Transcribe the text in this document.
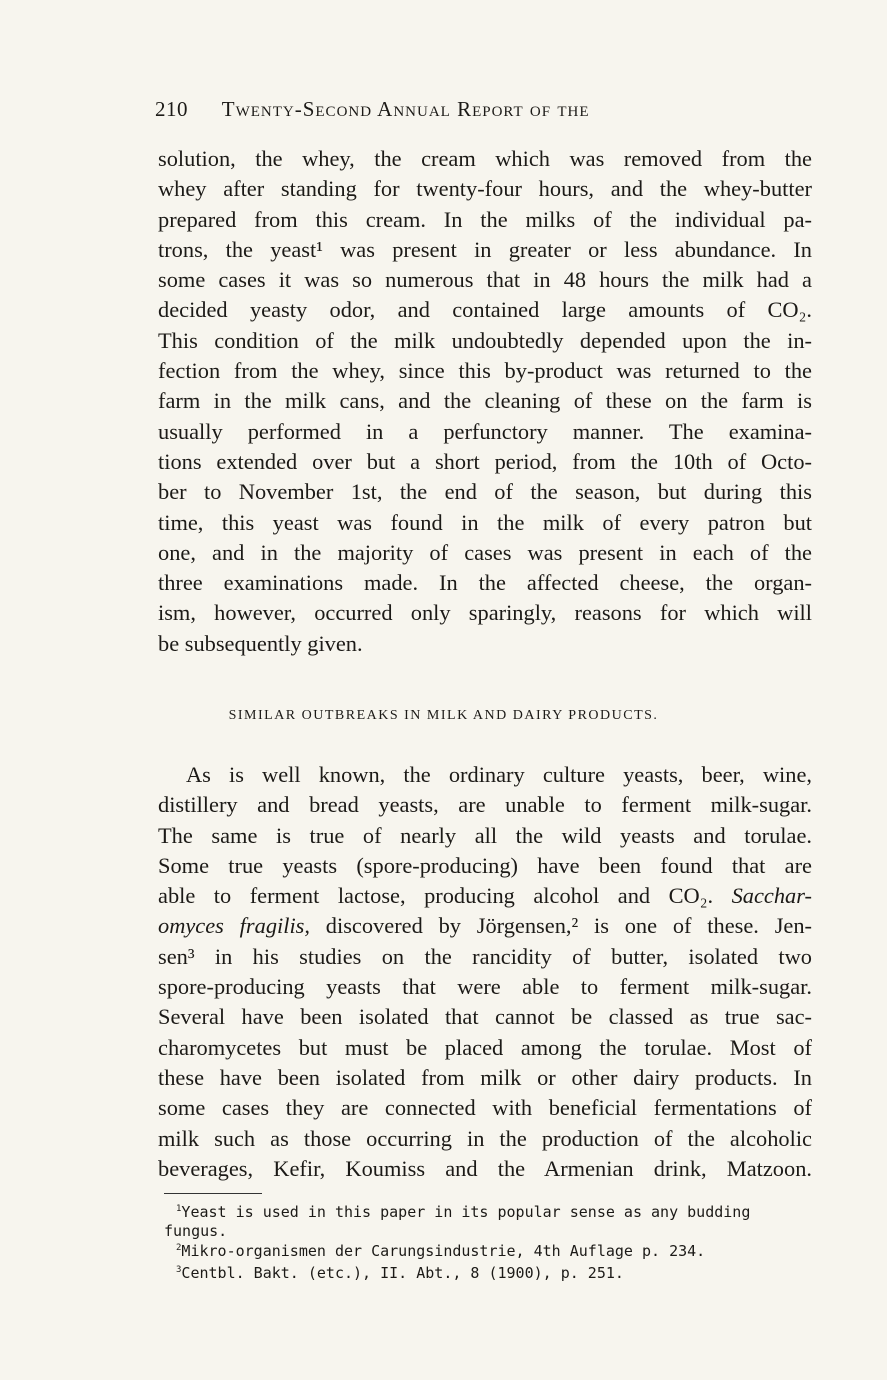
210 Twenty-Second Annual Report of the
solution, the whey, the cream which was removed from the
whey after standing for twenty-four hours, and the whey-butter
prepared from this cream. In the milks of the individual pa-
trons, the yeast¹ was present in greater or less abundance. In
some cases it was so numerous that in 48 hours the milk had a
decided yeasty odor, and contained large amounts of CO₂.
This condition of the milk undoubtedly depended upon the in-
fection from the whey, since this by-product was returned to the
farm in the milk cans, and the cleaning of these on the farm is
usually performed in a perfunctory manner. The examina-
tions extended over but a short period, from the 10th of Octo-
ber to November 1st, the end of the season, but during this
time, this yeast was found in the milk of every patron but
one, and in the majority of cases was present in each of the
three examinations made. In the affected cheese, the organ-
ism, however, occurred only sparingly, reasons for which will
be subsequently given.
SIMILAR OUTBREAKS IN MILK AND DAIRY PRODUCTS.
As is well known, the ordinary culture yeasts, beer, wine,
distillery and bread yeasts, are unable to ferment milk-sugar.
The same is true of nearly all the wild yeasts and torulae.
Some true yeasts (spore-producing) have been found that are
able to ferment lactose, producing alcohol and CO₂. Sacchar-
omyces fragilis, discovered by Jörgensen,² is one of these. Jen-
sen³ in his studies on the rancidity of butter, isolated two
spore-producing yeasts that were able to ferment milk-sugar.
Several have been isolated that cannot be classed as true sac-
charomycetes but must be placed among the torulae. Most of
these have been isolated from milk or other dairy products. In
some cases they are connected with beneficial fermentations of
milk such as those occurring in the production of the alcoholic
beverages, Kefir, Koumiss and the Armenian drink, Matzoon.
$^1$Yeast is used in this paper in its popular sense as any budding
fungus.
$^2$Mikro-organismen der Carungsindustrie, 4th Auflage p. 234.
$^3$Centbl. Bakt. (etc.), II. Abt., 8 (1900), p. 251.
